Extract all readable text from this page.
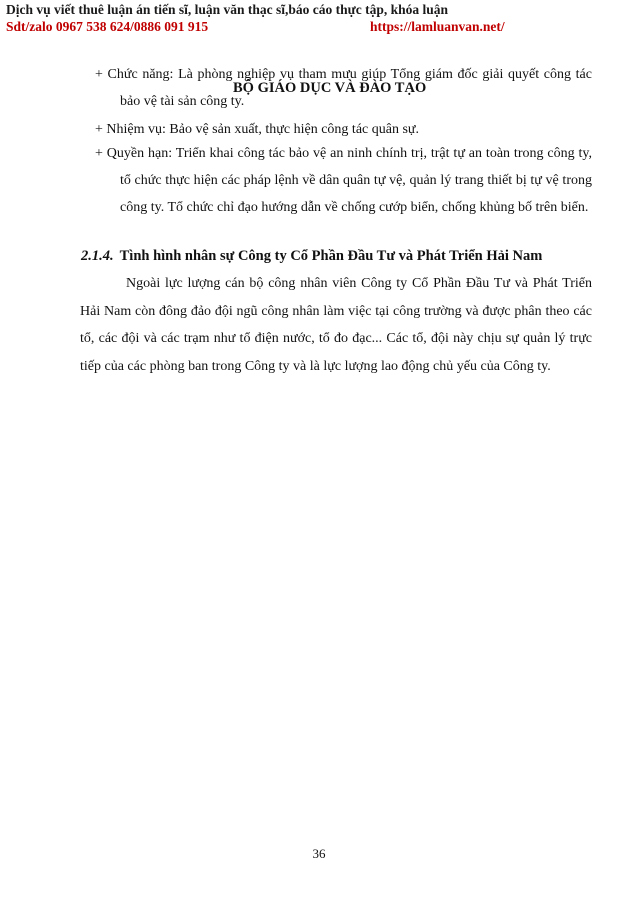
Dịch vụ viết thuê luận án tiến sĩ, luận văn thạc sĩ,báo cáo thực tập, khóa luận
Sdt/zalo 0967 538 624/0886 091 915	https://lamluanvan.net/

+ Chức năng: Là phòng nghiệp vụ tham mưu giúp Tổng giám đốc giải quyết công tác bảo vệ tài sản công ty.

BỘ GIÁO DỤC VÀ ĐÀO TẠO

+ Nhiệm vụ: Bảo vệ sản xuất, thực hiện công tác quân sự.

+ Quyền hạn: Triển khai công tác bảo vệ an ninh chính trị, trật tự an toàn trong công ty, tổ chức thực hiện các pháp lệnh về dân quân tự vệ, quản lý trang thiết bị tự vệ trong công ty. Tổ chức chỉ đạo hướng dẫn về chống cướp biển, chống khủng bố trên biển.

2.1.4. Tình hình nhân sự Công ty Cổ Phần Đầu Tư và Phát Triển Hải Nam

Ngoài lực lượng cán bộ công nhân viên Công ty Cổ Phần Đầu Tư và Phát Triển Hải Nam còn đông đảo đội ngũ công nhân làm việc tại công trường và được phân theo các tổ, các đội và các trạm như tổ điện nước, tổ đo đạc... Các tổ, đội này chịu sự quản lý trực tiếp của các phòng ban trong Công ty và là lực lượng lao động chủ yếu của Công ty.

36
